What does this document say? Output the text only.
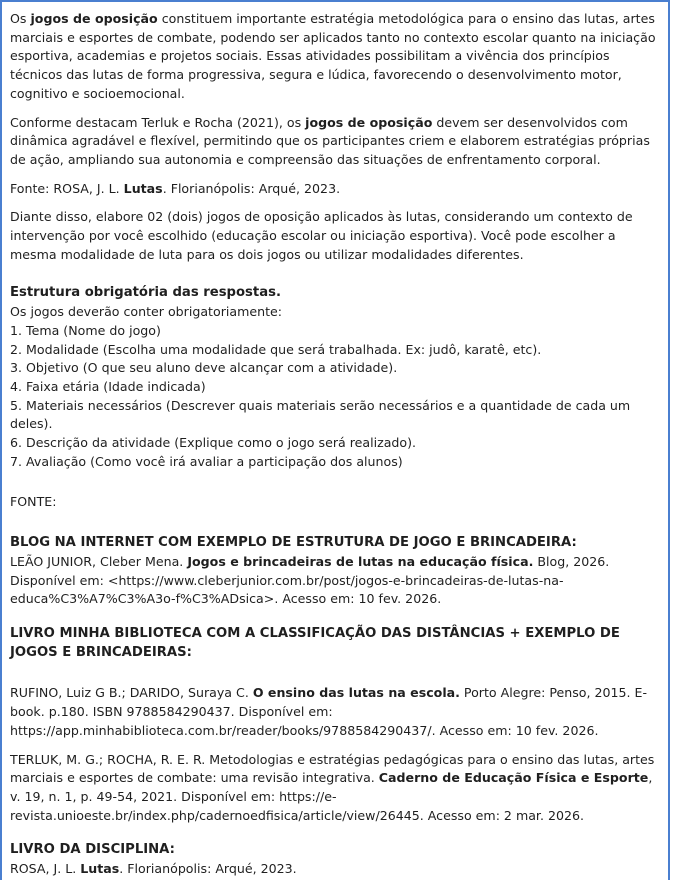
Os jogos de oposição constituem importante estratégia metodológica para o ensino das lutas, artes marciais e esportes de combate, podendo ser aplicados tanto no contexto escolar quanto na iniciação esportiva, academias e projetos sociais. Essas atividades possibilitam a vivência dos princípios técnicos das lutas de forma progressiva, segura e lúdica, favorecendo o desenvolvimento motor, cognitivo e socioemocional.

Conforme destacam Terluk e Rocha (2021), os jogos de oposição devem ser desenvolvidos com dinâmica agradável e flexível, permitindo que os participantes criem e elaborem estratégias próprias de ação, ampliando sua autonomia e compreensão das situações de enfrentamento corporal.

Fonte: ROSA, J. L. Lutas. Florianópolis: Arqué, 2023.

Diante disso, elabore 02 (dois) jogos de oposição aplicados às lutas, considerando um contexto de intervenção por você escolhido (educação escolar ou iniciação esportiva). Você pode escolher a mesma modalidade de luta para os dois jogos ou utilizar modalidades diferentes.

Estrutura obrigatória das respostas.

Os jogos deverão conter obrigatoriamente:

1. Tema (Nome do jogo)

2. Modalidade (Escolha uma modalidade que será trabalhada. Ex: judô, karatê, etc).

3. Objetivo (O que seu aluno deve alcançar com a atividade).

4. Faixa etária (Idade indicada)

5. Materiais necessários (Descrever quais materiais serão necessários e a quantidade de cada um deles).

6. Descrição da atividade (Explique como o jogo será realizado).

7. Avaliação (Como você irá avaliar a participação dos alunos)

FONTE:

BLOG NA INTERNET COM EXEMPLO DE ESTRUTURA DE JOGO E BRINCADEIRA:

LEÃO JUNIOR, Cleber Mena. Jogos e brincadeiras de lutas na educação física. Blog, 2026. Disponível em: <https://www.cleberjunior.com.br/post/jogos-e-brincadeiras-de-lutas-na-educa%C3%A7%C3%A3o-f%C3%ADsica>. Acesso em: 10 fev. 2026.

LIVRO MINHA BIBLIOTECA COM A CLASSIFICAÇÃO DAS DISTÂNCIAS + EXEMPLO DE JOGOS E BRINCADEIRAS:

RUFINO, Luiz G B.; DARIDO, Suraya C. O ensino das lutas na escola. Porto Alegre: Penso, 2015. E-book. p.180. ISBN 9788584290437. Disponível em: https://app.minhabiblioteca.com.br/reader/books/9788584290437/. Acesso em: 10 fev. 2026.

TERLUK, M. G.; ROCHA, R. E. R. Metodologias e estratégias pedagógicas para o ensino das lutas, artes marciais e esportes de combate: uma revisão integrativa. Caderno de Educação Física e Esporte, v. 19, n. 1, p. 49-54, 2021. Disponível em: https://e-revista.unioeste.br/index.php/cadernoedfisica/article/view/26445. Acesso em: 2 mar. 2026.

LIVRO DA DISCIPLINA:

ROSA, J. L. Lutas. Florianópolis: Arqué, 2023.
